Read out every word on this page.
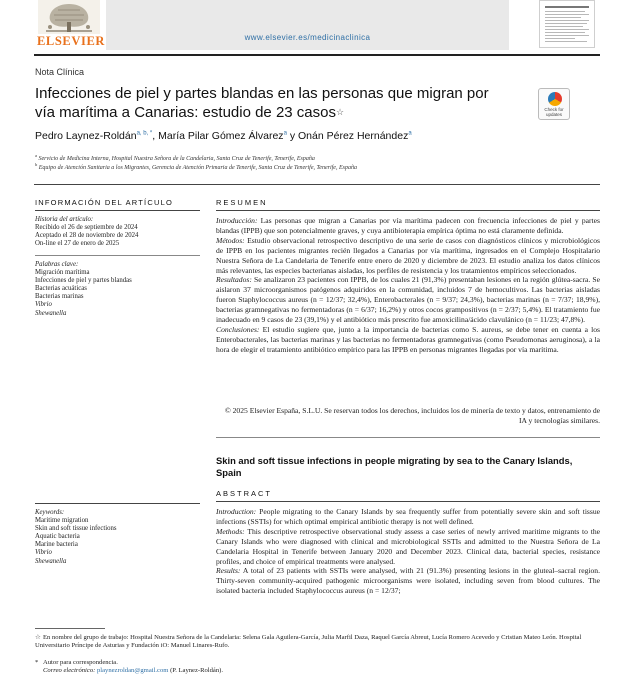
ELSEVIER	www.elsevier.es/medicinaclinica
Nota Clínica
Infecciones de piel y partes blandas en las personas que migran por vía marítima a Canarias: estudio de 23 casos☆	Check for updates
Pedro Laynez-Roldán$^{a, b, *}$, María Pilar Gómez Álvarez$^a$ y Onán Pérez Hernández$^a$
$^a$ Servicio de Medicina Interna, Hospital Nuestra Señora de la Candelaria, Santa Cruz de Tenerife, Tenerife, España
$^b$ Equipo de Atención Sanitaria a los Migrantes, Gerencia de Atención Primaria de Tenerife, Santa Cruz de Tenerife, Tenerife, España
INFORMACIÓN DEL ARTÍCULO
Historia del artículo:
Recibido el 26 de septiembre de 2024
Aceptado el 28 de noviembre de 2024
On-line el 27 de enero de 2025
Palabras clave:
Migración marítima
Infecciones de piel y partes blandas
Bacterias acuáticas
Bacterias marinas
Vibrio
Shewanella
Keywords:
Maritime migration
Skin and soft tissue infections
Aquatic bacteria
Marine bacteria
Vibrio
Shewanella
RESUMEN

Introducción: Las personas que migran a Canarias por vía marítima padecen con frecuencia infecciones de piel y partes blandas (IPPB) que son potencialmente graves, y cuya antibioterapia empírica óptima no está claramente definida.

Métodos: Estudio observacional retrospectivo descriptivo de una serie de casos con diagnósticos clínicos y microbiológicos de IPPB en los pacientes migrantes recién llegados a Canarias por vía marítima, ingresados en el Complejo Hospitalario Nuestra Señora de La Candelaria de Tenerife entre enero de 2020 y diciembre de 2023. El estudio analiza los datos clínicos más relevantes, las especies bacterianas aisladas, los perfiles de resistencia y los tratamientos empíricos seleccionados.

Resultados: Se analizaron 23 pacientes con IPPB, de los cuales 21 (91,3%) presentaban lesiones en la región glútea-sacra. Se aislaron 37 microorganismos patógenos adquiridos en la comunidad, incluidos 7 de hemocultivos. Las bacterias aisladas fueron Staphylococcus aureus (n = 12/37; 32,4%), Enterobacterales (n = 9/37; 24,3%), bacterias marinas (n = 7/37; 18,9%), bacterias gramnegativas no fermentadoras (n = 6/37; 16,2%) y otros cocos grampositivos (n = 2/37; 5,4%). El tratamiento fue inadecuado en 9 casos de 23 (39,1%) y el antibiótico más prescrito fue amoxicilina/ácido clavulánico (n = 11/23; 47,8%).

Conclusiones: El estudio sugiere que, junto a la importancia de bacterias como S. aureus, se debe tener en cuenta a los Enterobacterales, las bacterias marinas y las bacterias no fermentadoras gramnegativas (como Pseudomonas aeruginosa), a la hora de elegir el tratamiento antibiótico empírico para las IPPB en personas migrantes llegadas por vía marítima.

© 2025 Elsevier España, S.L.U. Se reservan todos los derechos, incluidos los de minería de texto y datos, entrenamiento de IA y tecnologías similares.
Skin and soft tissue infections in people migrating by sea to the Canary Islands, Spain
ABSTRACT

Introduction: People migrating to the Canary Islands by sea frequently suffer from potentially severe skin and soft tissue infections (SSTIs) for which optimal empirical antibiotic therapy is not well defined.

Methods: This descriptive retrospective observational study assess a case series of newly arrived maritime migrants to the Canary Islands who were diagnosed with clinical and microbiological SSTIs and admitted to the Nuestra Señora de La Candelaria Hospital in Tenerife between January 2020 and December 2023. Clinical data, bacterial species, resistance profiles, and choice of empirical treatments were analysed.

Results: A total of 23 patients with SSTIs were analysed, with 21 (91.3%) presenting lesions in the gluteal–sacral region. Thirty-seven community-acquired pathogenic microorganisms were isolated, including seven from blood cultures. The isolated bacteria included Staphylococcus aureus (n = 12/37;

☆ En nombre del grupo de trabajo: Hospital Nuestra Señora de la Candelaria: Selena Gala Aguilera-García, Julia Marfil Daza, Raquel García Abreut, Lucía Romero Acevedo y Cristian Mateo León. Hospital Universitario Príncipe de Asturias y Fundación iO: Manuel Linares-Rufo.
* Autor para correspondencia.
Correo electrónico: playnezroldan@gmail.com (P. Laynez-Roldán).
